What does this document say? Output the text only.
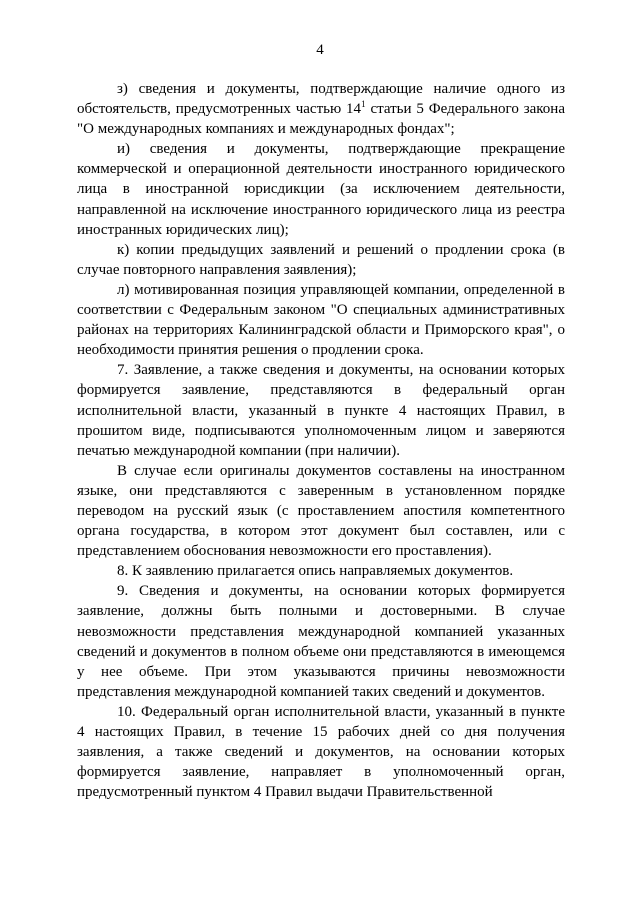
4

з) сведения и документы, подтверждающие наличие одного из обстоятельств, предусмотренных частью $14^1$ статьи 5 Федерального закона "О международных компаниях и международных фондах";

и) сведения и документы, подтверждающие прекращение коммерческой и операционной деятельности иностранного юридического лица в иностранной юрисдикции (за исключением деятельности, направленной на исключение иностранного юридического лица из реестра иностранных юридических лиц);

к) копии предыдущих заявлений и решений о продлении срока (в случае повторного направления заявления);

л) мотивированная позиция управляющей компании, определенной в соответствии с Федеральным законом "О специальных административных районах на территориях Калининградской области и Приморского края", о необходимости принятия решения о продлении срока.

7. Заявление, а также сведения и документы, на основании которых формируется заявление, представляются в федеральный орган исполнительной власти, указанный в пункте 4 настоящих Правил, в прошитом виде, подписываются уполномоченным лицом и заверяются печатью международной компании (при наличии).

В случае если оригиналы документов составлены на иностранном языке, они представляются с заверенным в установленном порядке переводом на русский язык (с проставлением апостиля компетентного органа государства, в котором этот документ был составлен, или с представлением обоснования невозможности его проставления).

8. К заявлению прилагается опись направляемых документов.

9. Сведения и документы, на основании которых формируется заявление, должны быть полными и достоверными. В случае невозможности представления международной компанией указанных сведений и документов в полном объеме они представляются в имеющемся у нее объеме. При этом указываются причины невозможности представления международной компанией таких сведений и документов.

10. Федеральный орган исполнительной власти, указанный в пункте 4 настоящих Правил, в течение 15 рабочих дней со дня получения заявления, а также сведений и документов, на основании которых формируется заявление, направляет в уполномоченный орган, предусмотренный пунктом 4 Правил выдачи Правительственной
